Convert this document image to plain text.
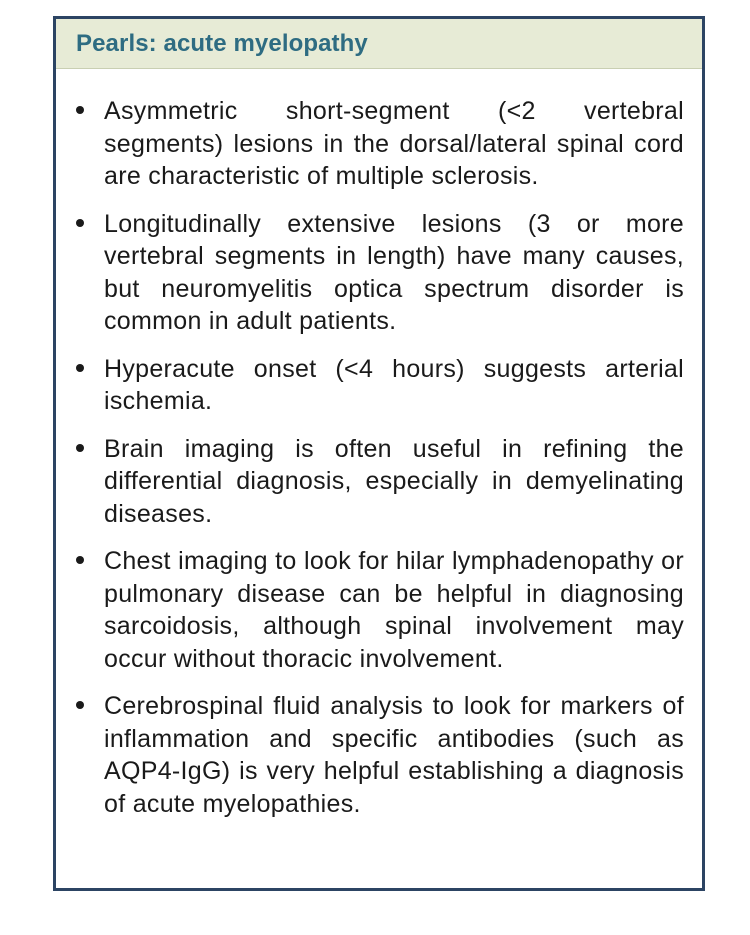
Pearls: acute myelopathy
Asymmetric short-segment (<2 vertebral segments) lesions in the dorsal/lateral spinal cord are characteristic of multiple sclerosis.
Longitudinally extensive lesions (3 or more vertebral segments in length) have many causes, but neuromyelitis optica spectrum disorder is common in adult patients.
Hyperacute onset (<4 hours) suggests arterial ischemia.
Brain imaging is often useful in refining the differential diagnosis, especially in demyelinating diseases.
Chest imaging to look for hilar lymphadenopathy or pulmonary disease can be helpful in diagnosing sarcoidosis, although spinal involvement may occur without thoracic involvement.
Cerebrospinal fluid analysis to look for markers of inflammation and specific antibodies (such as AQP4-IgG) is very helpful establishing a diagnosis of acute myelopathies.
